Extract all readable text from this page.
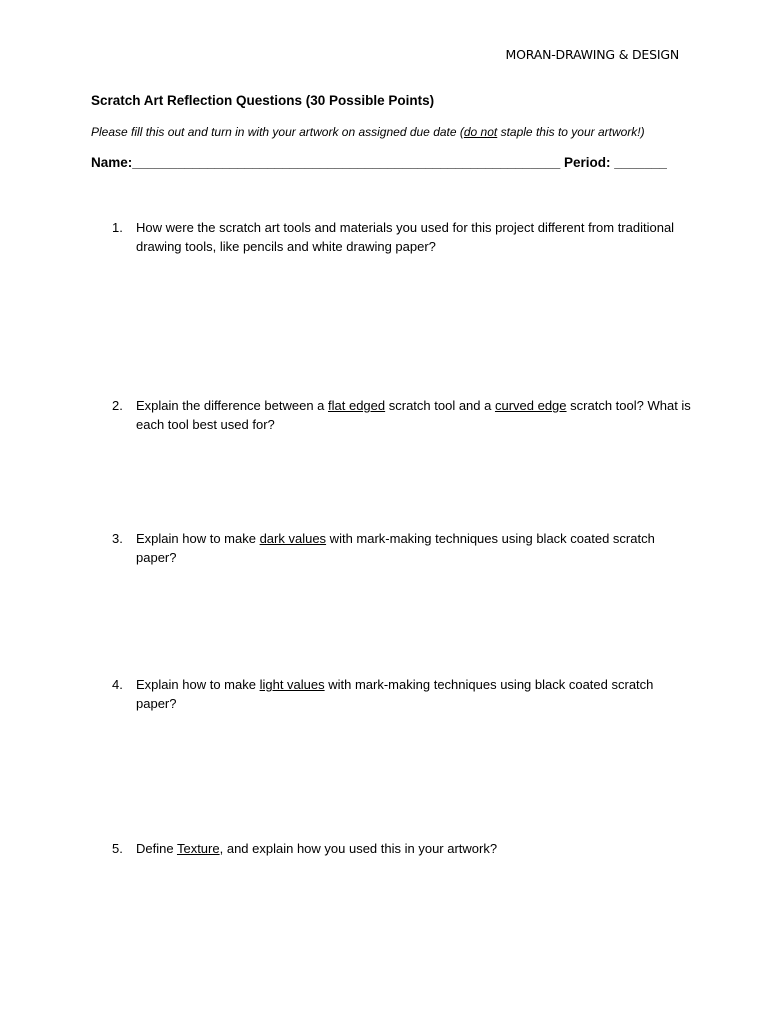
MORAN-DRAWING & DESIGN
Scratch Art Reflection Questions (30 Possible Points)
Please fill this out and turn in with your artwork on assigned due date (do not staple this to your artwork!)
Name:_________________________________________________________ Period: _______
1.	How were the scratch art tools and materials you used for this project different from traditional drawing tools, like pencils and white drawing paper?
2.	Explain the difference between a flat edged scratch tool and a curved edge scratch tool? What is each tool best used for?
3.	Explain how to make dark values with mark-making techniques using black coated scratch paper?
4.	Explain how to make light values with mark-making techniques using black coated scratch paper?
5.	Define Texture, and explain how you used this in your artwork?
